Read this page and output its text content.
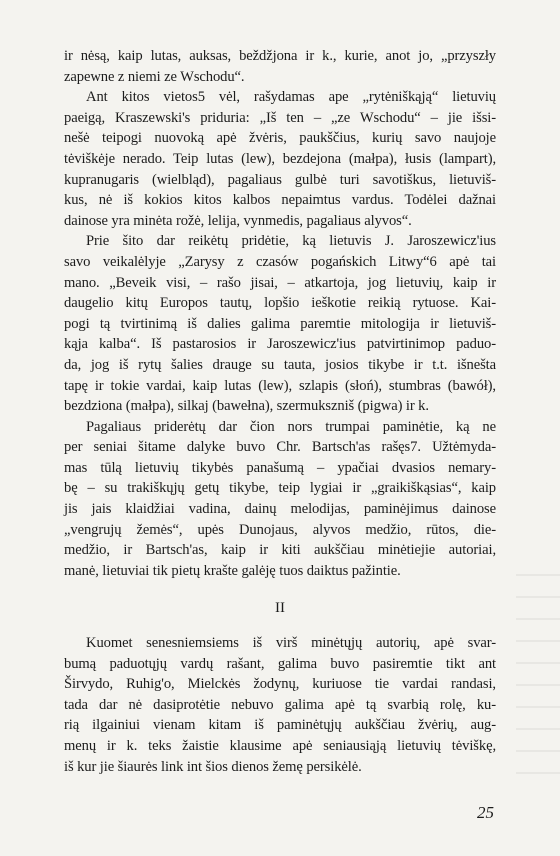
ir nėsą, kaip lutas, auksas, beždžjona ir k., kurie, anot jo, „przyszły
zapewne z niemi ze Wschodu“.

Ant kitos vietos5 vėl, rašydamas ape „rytėniškąją“ lietuvių
paeigą, Kraszewski's priduria: „Iš ten – „ze Wschodu“ – jie išsi-
nešė teipogi nuovoką apė žvėris, paukščius, kurių savo naujoje
tėviškėje nerado. Teip lutas (lew), bezdejona (małpa), łusis (lampart),
kupranugaris (wielbląd), pagaliaus gulbė turi savotiškus, lietuviš-
kus, nė iš kokios kitos kalbos nepaimtus vardus. Todėlei dažnai
dainose yra minėta rožė, lelija, vynmedis, pagaliaus alyvos“.

Prie šito dar reikėtų pridėtie, ką lietuvis J. Jaroszewicz'ius
savo veikalėlyje „Zarysy z czasów pogańskich Litwy“6 apė tai
mano. „Beveik visi, – rašo jisai, – atkartoja, jog lietuvių, kaip ir
daugelio kitų Europos tautų, lopšio ieškotie reikią rytuose. Kai-
pogi tą tvirtinimą iš dalies galima paremtie mitologija ir lietuviš-
kąja kalba“. Iš pastarosios ir Jaroszewicz'ius patvirtinimop paduo-
da, jog iš rytų šalies drauge su tauta, josios tikybe ir t.t. išnešta
tapę ir tokie vardai, kaip lutas (lew), szlapis (słoń), stumbras (bawół),
bezdziona (małpa), silkaj (bawełna), szermukszniš (pigwa) ir k.

Pagaliaus priderėtų dar čion nors trumpai paminėtie, ką ne
per seniai šitame dalyke buvo Chr. Bartsch'as rašęs7. Užtėmyda-
mas tūlą lietuvių tikybės panašumą – ypačiai dvasios nemary-
bę – su trakiškųjų getų tikybe, teip lygiai ir „graikiškąsias“, kaip
jis jais klaidžiai vadina, dainų melodijas, paminėjimus dainose
„vengrujų žemės“, upės Dunojaus, alyvos medžio, rūtos, die-
medžio, ir Bartsch'as, kaip ir kiti aukščiau minėtiejie autoriai,
manė, lietuviai tik pietų krašte galėję tuos daiktus pažintie.

II

Kuomet senesniemsiems iš virš minėtųjų autorių, apė svar-
bumą paduotųjų vardų rašant, galima buvo pasiremtie tikt ant
Širvydo, Ruhig'o, Mielckės žodynų, kuriuose tie vardai randasi,
tada dar nė dasiprotėtie nebuvo galima apė tą svarbią rolę, ku-
rią ilgainiui vienam kitam iš paminėtųjų aukščiau žvėrių, aug-
menų ir k. teks žaistie klausime apė seniausiąją lietuvių tėviškę,
iš kur jie šiaurės link int šios dienos žemę persikėlė.

25
